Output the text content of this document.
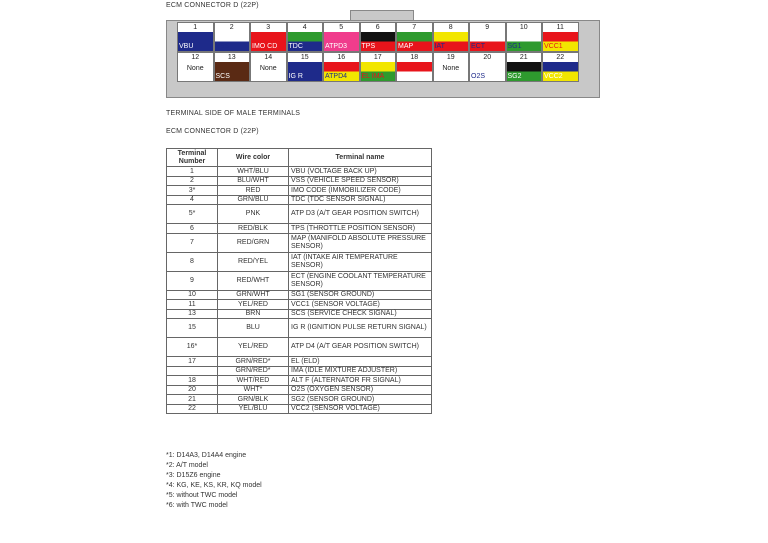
ECM CONNECTOR D (22P)
1
VBU
2
VSS
3
IMO CD
4
TDC
5
ATPD3
6
TPS
7
MAP
8
IAT
9
ECT
10
SG1
11
VCC1
12
None
13
SCS
14
None
15
IG R
16
ATPD4
17
EL IMA
18
ALT F
19
None
20
O2S
21
SG2
22
VCC2
TERMINAL SIDE OF MALE TERMINALS
ECM CONNECTOR D (22P)
Terminal Number	Wire color	Terminal name
1	WHT/BLU	VBU (VOLTAGE BACK UP)
2	BLU/WHT	VSS (VEHICLE SPEED SENSOR)
3*	RED	IMO CODE (IMMOBILIZER CODE)
4	GRN/BLU	TDC (TDC SENSOR SIGNAL)
5*	PNK	ATP D3 (A/T GEAR POSITION SWITCH)
6	RED/BLK	TPS (THROTTLE POSITION SENSOR)
7	RED/GRN	MAP (MANIFOLD ABSOLUTE PRESSURE SENSOR)
8	RED/YEL	IAT (INTAKE AIR TEMPERATURE SENSOR)
9	RED/WHT	ECT (ENGINE COOLANT TEMPERATURE SENSOR)
10	GRN/WHT	SG1 (SENSOR GROUND)
11	YEL/RED	VCC1 (SENSOR VOLTAGE)
13	BRN	SCS (SERVICE CHECK SIGNAL)
15	BLU	IG R (IGNITION PULSE RETURN SIGNAL)
16*	YEL/RED	ATP D4 (A/T GEAR POSITION SWITCH)
17	GRN/RED*	EL (ELD)
	GRN/RED*	IMA (IDLE MIXTURE ADJUSTER)
18	WHT/RED	ALT F (ALTERNATOR FR SIGNAL)
20	WHT*	O2S (OXYGEN SENSOR)
21	GRN/BLK	SG2 (SENSOR GROUND)
22	YEL/BLU	VCC2 (SENSOR VOLTAGE)
*1: D14A3, D14A4 engine
*2: A/T model
*3: D15Z6 engine
*4: KG, KE, KS, KR, KQ model
*5: without TWC model
*6: with TWC model
